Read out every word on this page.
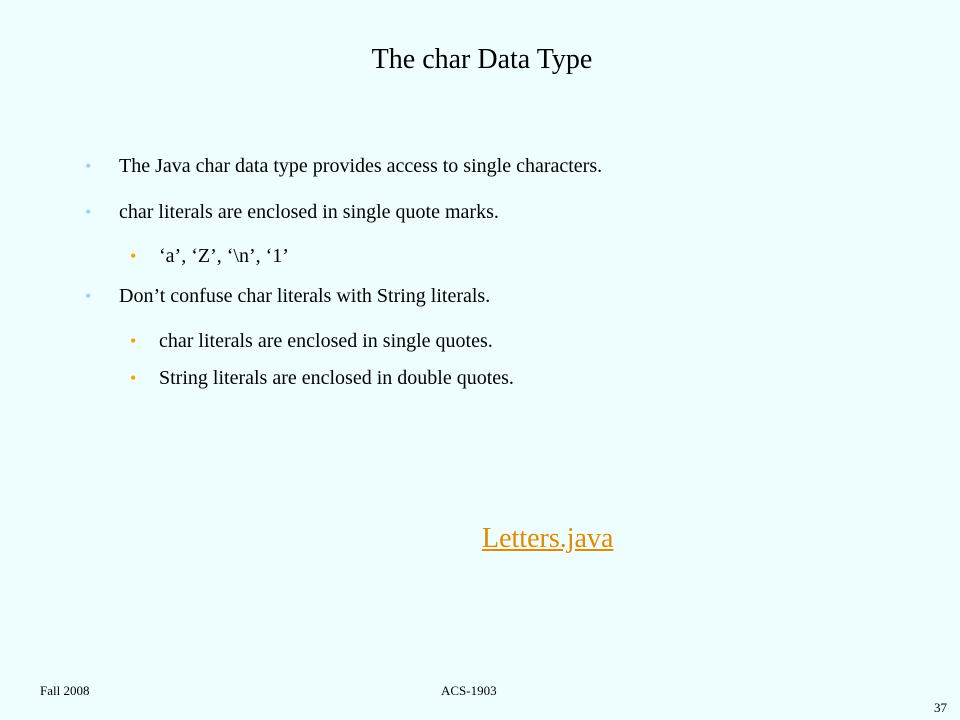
The char Data Type
• The Java char data type provides access to single characters.
• char literals are enclosed in single quote marks.
• ‘a’, ‘Z’, ‘\n’, ‘1’
• Don’t confuse char literals with String literals.
• char literals are enclosed in single quotes.
• String literals are enclosed in double quotes.
Letters.java
Fall 2008	ACS-1903
37
